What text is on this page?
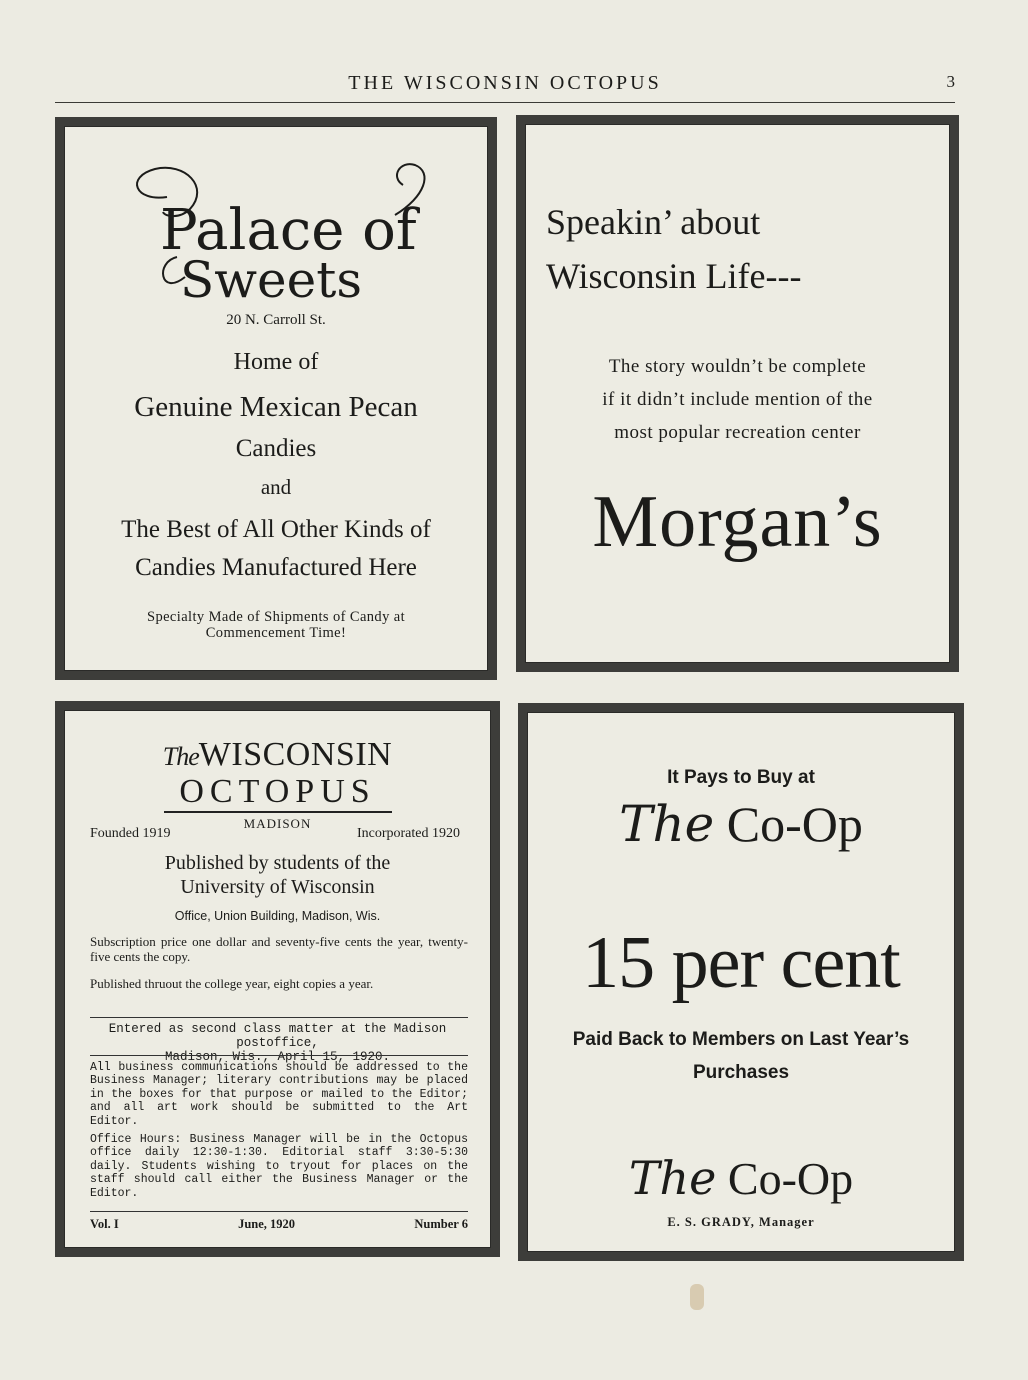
THE WISCONSIN OCTOPUS	3
Palace of
Sweets
20 N. Carroll St.
Home of
Genuine Mexican Pecan
Candies
and
The Best of All Other Kinds of
Candies Manufactured Here
Specialty Made of Shipments of Candy at
Commencement Time!
Speakin’ about
Wisconsin Life---
The story wouldn’t be complete
if it didn’t include mention of the
most popular recreation center
Morgan’s
TheWISCONSIN
OCTOPUS
MADISON
Founded 1919	Incorporated 1920
Published by students of the
University of Wisconsin
Office, Union Building, Madison, Wis.
Subscription price one dollar and seventy-five cents the year, twenty-five cents the copy.
Published thruout the college year, eight copies a year.
Entered as second class matter at the Madison postoffice,
Madison, Wis., April 15, 1920.
All business communications should be addressed to the Business Manager; literary contributions may be placed in the boxes for that purpose or mailed to the Editor; and all art work should be submitted to the Art Editor.
Office Hours: Business Manager will be in the Octopus office daily 12:30-1:30. Editorial staff 3:30-5:30 daily. Students wishing to tryout for places on the staff should call either the Business Manager or the Editor.
Vol. I	June, 1920	Number 6
It Pays to Buy at
The Co-Op
15 per cent
Paid Back to Members on Last Year’s
Purchases
The Co-Op
E. S. GRADY, Manager
